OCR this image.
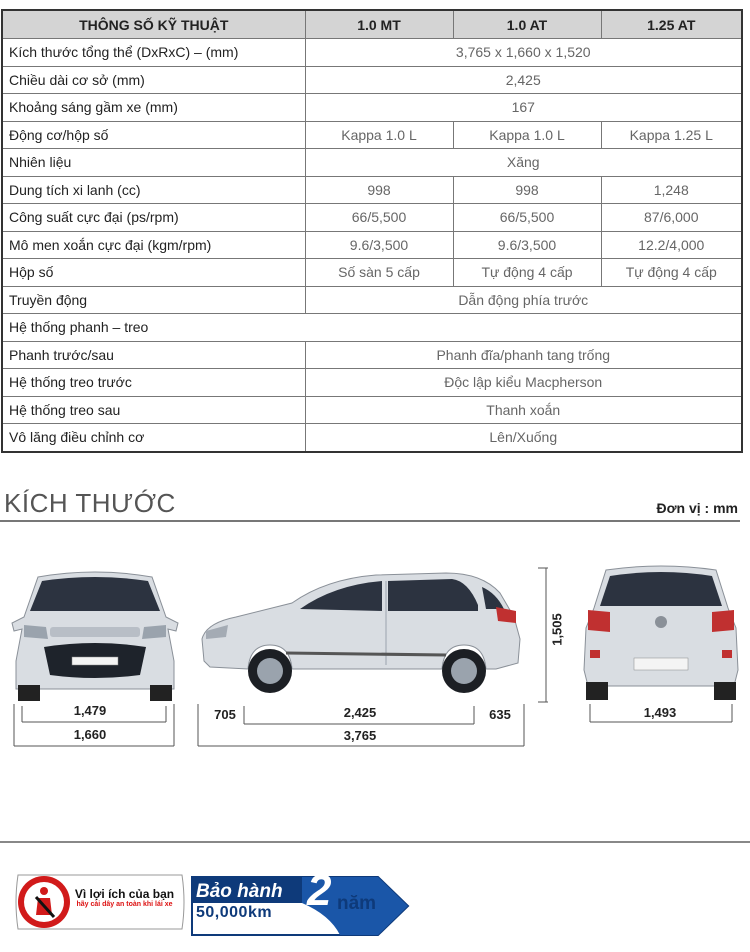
THÔNG SỐ KỸ THUẬT	1.0 MT	1.0 AT	1.25 AT
Kích thước tổng thể (DxRxC) – (mm)	3,765 x 1,660 x 1,520		
Chiều dài cơ sở (mm)	2,425		
Khoảng sáng gầm xe (mm)	167		
Động cơ/hộp số	Kappa 1.0 L	Kappa 1.0 L	Kappa 1.25 L
Nhiên liệu	Xăng		
Dung tích xi lanh (cc)	998	998	1,248
Công suất cực đại (ps/rpm)	66/5,500	66/5,500	87/6,000
Mô men xoắn cực đại (kgm/rpm)	9.6/3,500	9.6/3,500	12.2/4,000
Hộp số	Số sàn 5 cấp	Tự động 4 cấp	Tự động 4 cấp
Truyền động	Dẫn động phía trước		
Hệ thống phanh – treo			
Phanh trước/sau	Phanh đĩa/phanh tang trống		
Hệ thống treo trước	Độc lập kiểu Macpherson		
Hệ thống treo sau	Thanh xoắn		
Vô lăng điều chỉnh cơ	Lên/Xuống		
KÍCH THƯỚC	Đơn vị : mm
1,479
1,660
705	2,425	635
3,765
1,505
1,493
Vì lợi ích của bạn
hãy cài dây an toàn khi lái xe
Bảo hành
50,000km 2 năm
